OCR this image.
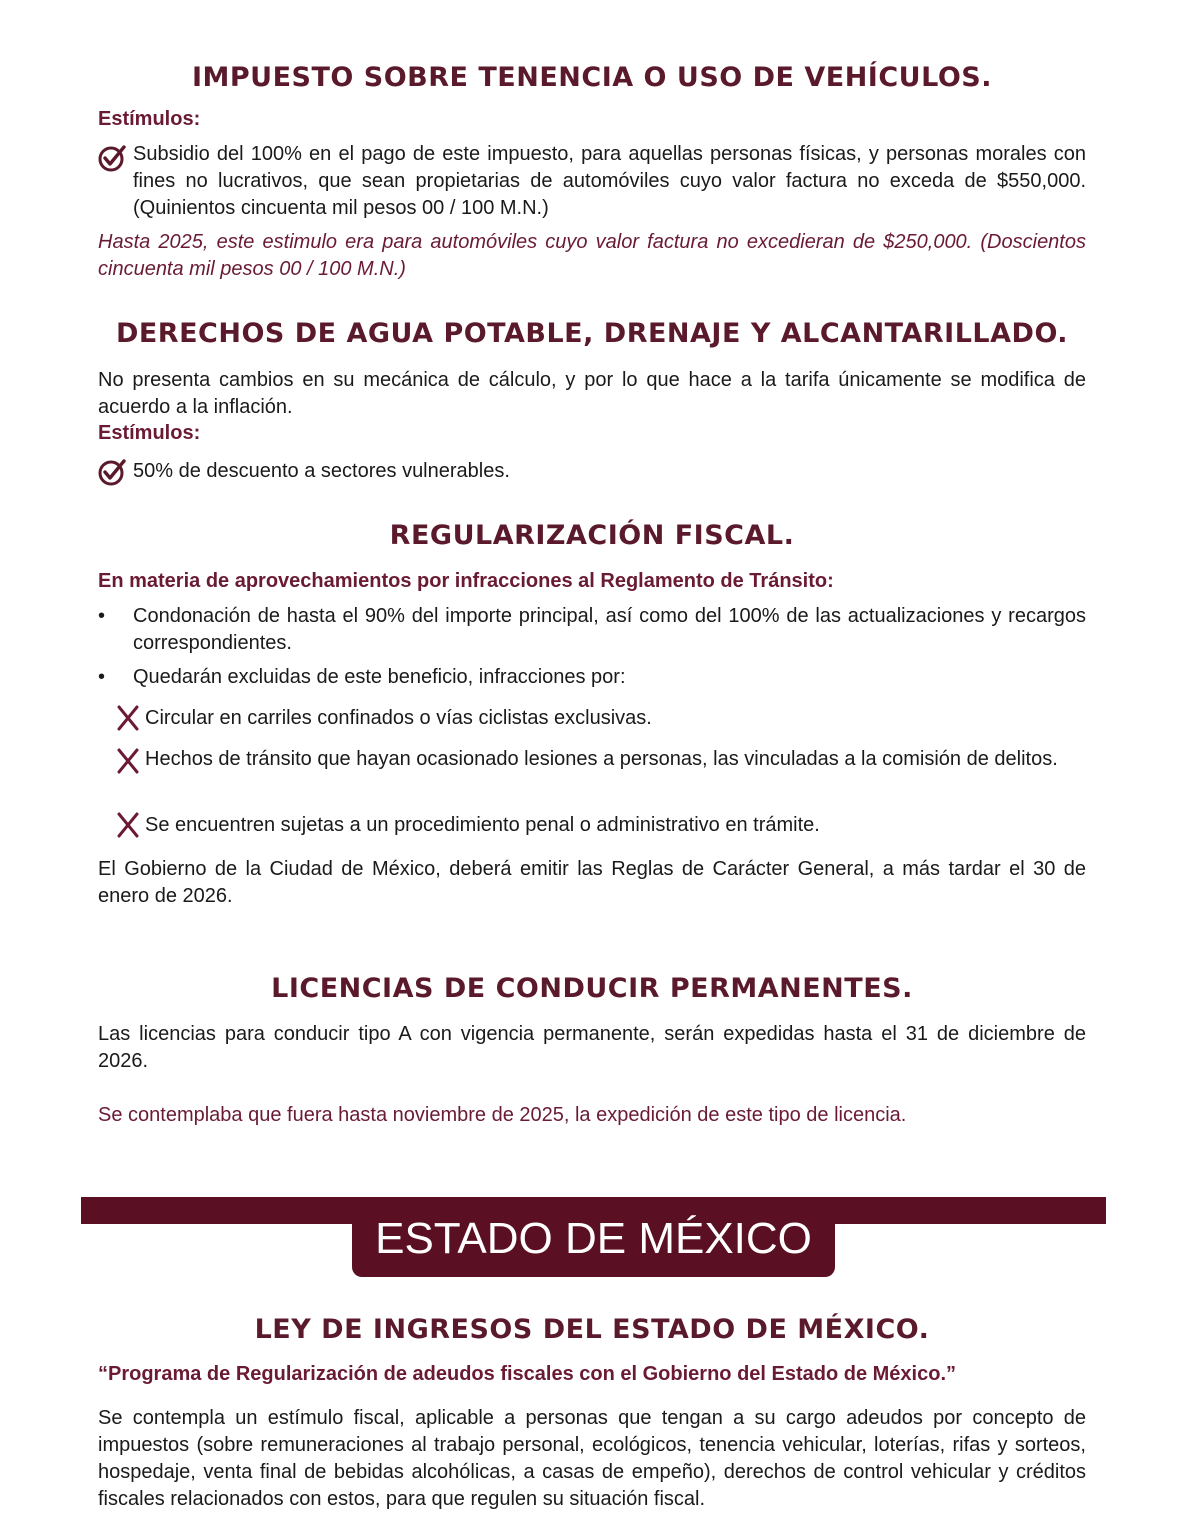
IMPUESTO SOBRE TENENCIA O USO DE VEHÍCULOS.
Estímulos:
Subsidio del 100% en el pago de este impuesto, para aquellas personas físicas, y personas morales con fines no lucrativos, que sean propietarias de automóviles cuyo valor factura no exceda de $550,000. (Quinientos cincuenta mil pesos 00 / 100 M.N.)
Hasta 2025, este estimulo era para automóviles cuyo valor factura no excedieran de $250,000. (Doscientos cincuenta mil pesos 00 / 100 M.N.)
DERECHOS DE AGUA POTABLE, DRENAJE Y ALCANTARILLADO.
No presenta cambios en su mecánica de cálculo, y por lo que hace a la tarifa únicamente se modifica de acuerdo a la inflación.
Estímulos:
50% de descuento a sectores vulnerables.
REGULARIZACIÓN FISCAL.
En materia de aprovechamientos por infracciones al Reglamento de Tránsito:
• Condonación de hasta el 90% del importe principal, así como del 100% de las actualizaciones y recargos correspondientes.
• Quedarán excluidas de este beneficio, infracciones por:
Circular en carriles confinados o vías ciclistas exclusivas.
Hechos de tránsito que hayan ocasionado lesiones a personas, las vinculadas a la comisión de delitos.
Se encuentren sujetas a un procedimiento penal o administrativo en trámite.
El Gobierno de la Ciudad de México, deberá emitir las Reglas de Carácter General, a más tardar el 30 de enero de 2026.
LICENCIAS DE CONDUCIR PERMANENTES.
Las licencias para conducir tipo A con vigencia permanente, serán expedidas hasta el 31 de diciembre de 2026.
Se contemplaba que fuera hasta noviembre de 2025, la expedición de este tipo de licencia.
ESTADO DE MÉXICO
LEY DE INGRESOS DEL ESTADO DE MÉXICO.
“Programa de Regularización de adeudos fiscales con el Gobierno del Estado de México.”
Se contempla un estímulo fiscal, aplicable a personas que tengan a su cargo adeudos por concepto de impuestos (sobre remuneraciones al trabajo personal, ecológicos, tenencia vehicular, loterías, rifas y sorteos, hospedaje, venta final de bebidas alcohólicas, a casas de empeño), derechos de control vehicular y créditos fiscales relacionados con estos, para que regulen su situación fiscal.
